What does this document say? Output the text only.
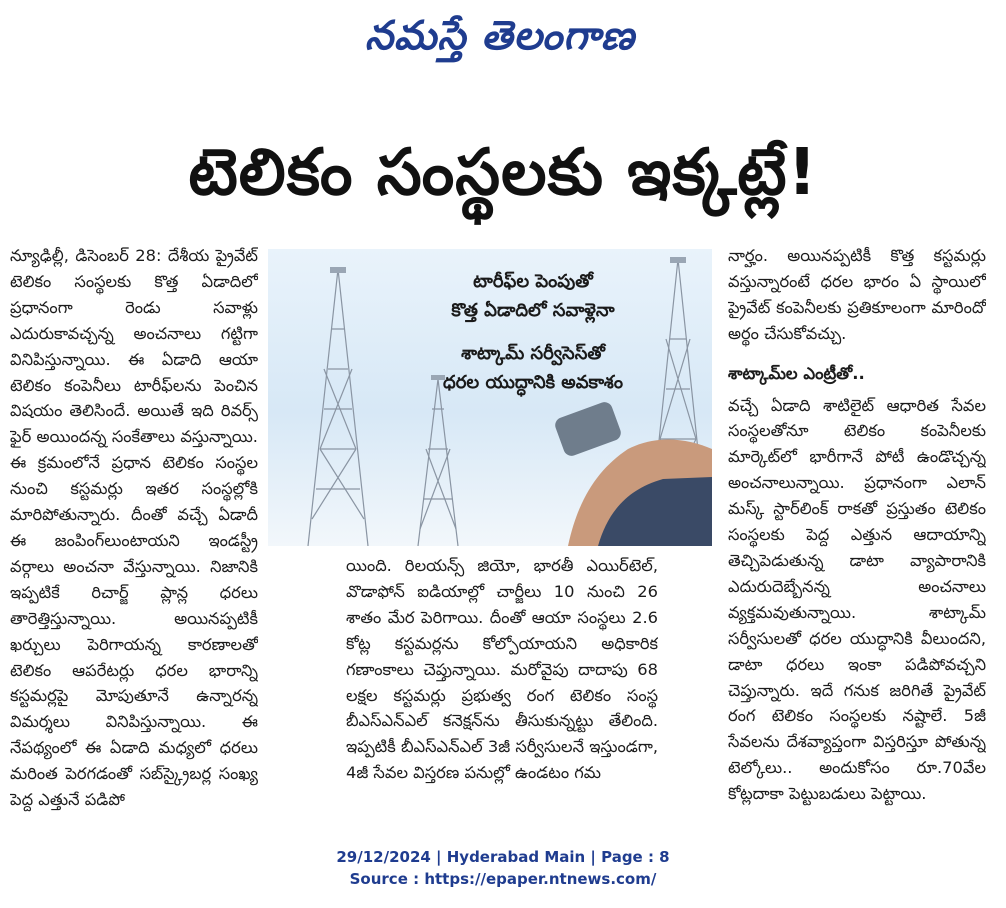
నమస్తే తెలంగాణ
టెలికం సంస్థలకు ఇక్కట్లే!

న్యూఢిల్లీ, డిసెంబర్ 28: దేశీయ ప్రైవేట్ టెలికం సంస్థలకు కొత్త ఏడాదిలో ప్రధానంగా రెండు సవాళ్లు ఎదురుకావచ్చన్న అంచనాలు గట్టిగా వినిపిస్తున్నాయి. ఈ ఏడాది ఆయా టెలికం కంపెనీలు టారీఫ్‌లను పెంచిన విషయం తెలిసిందే. అయితే ఇది రివర్స్ ఫైర్ అయిందన్న సంకేతాలు వస్తున్నాయి. ఈ క్రమంలోనే ప్రధాన టెలికం సంస్థల నుంచి కస్టమర్లు ఇతర సంస్థల్లోకి మారిపోతున్నారు. దీంతో వచ్చే ఏడాదీ ఈ జంపింగ్‌లుంటాయని ఇండస్ట్రీ వర్గాలు అంచనా వేస్తున్నాయి. నిజానికి ఇప్పటికే రిచార్జ్ ప్లాన్ల ధరలు తారెత్తిస్తున్నాయి. అయినప్పటికీ ఖర్చులు పెరిగాయన్న కారణాలతో టెలికం ఆపరేటర్లు ధరల భారాన్ని కస్టమర్లపై మోపుతూనే ఉన్నారన్న విమర్శలు వినిపిస్తున్నాయి. ఈ నేపథ్యంలో ఈ ఏడాది మధ్యలో ధరలు మరింత పెరగడంతో సబ్‌స్క్రైబర్ల సంఖ్య పెద్ద ఎత్తునే పడిపో

టారీఫ్‌ల పెంపుతో
కొత్త ఏడాదిలో సవాళ్లెనా
శాట్కామ్ సర్వీసెస్‌తో
ధరల యుద్ధానికి అవకాశం

యింది. రిలయన్స్ జియో, భారతీ ఎయిర్‌టెల్, వొడాఫోన్ ఐడియాల్లో చార్జీలు 10 నుంచి 26 శాతం మేర పెరిగాయి. దీంతో ఆయా సంస్థలు 2.6 కోట్ల కస్టమర్లను కోల్పోయాయని అధికారిక గణాంకాలు చెప్తున్నాయి. మరోవైపు దాదాపు 68 లక్షల కస్టమర్లు ప్రభుత్వ రంగ టెలికం సంస్థ బీఎస్ఎన్ఎల్ కనెక్షన్‌ను తీసుకున్నట్టు తేలింది. ఇప్పటికీ బీఎస్ఎన్ఎల్ 3జీ సర్వీసులనే ఇస్తుండగా, 4జీ సేవల విస్తరణ పనుల్లో ఉండటం గమ

నార్హం. అయినప్పటికీ కొత్త కస్టమర్లు వస్తున్నారంటే ధరల భారం ఏ స్థాయిలో ప్రైవేట్ కంపెనీలకు ప్రతికూలంగా మారిందో అర్థం చేసుకోవచ్చు.

శాట్కామ్‌ల ఎంట్రీతో..

వచ్చే ఏడాది శాటిలైట్ ఆధారిత సేవల సంస్థలతోనూ టెలికం కంపెనీలకు మార్కెట్‌లో భారీగానే పోటీ ఉండొచ్చన్న అంచనాలున్నాయి. ప్రధానంగా ఎలాన్ మస్క్ స్టార్‌లింక్ రాకతో ప్రస్తుతం టెలికం సంస్థలకు పెద్ద ఎత్తున ఆదాయాన్ని తెచ్చిపెడుతున్న డాటా వ్యాపారానికి ఎదురుదెబ్బేనన్న అంచనాలు వ్యక్తమవుతున్నాయి. శాట్కామ్ సర్వీసులతో ధరల యుద్ధానికి వీలుందని, డాటా ధరలు ఇంకా పడిపోవచ్చని చెప్తున్నారు. ఇదే గనుక జరిగితే ప్రైవేట్ రంగ టెలికం సంస్థలకు నష్టాలే. 5జీ సేవలను దేశవ్యాప్తంగా విస్తరిస్తూ పోతున్న టెల్కోలు.. అందుకోసం రూ.70వేల కోట్లదాకా పెట్టుబడులు పెట్టాయి.

29/12/2024 | Hyderabad Main | Page : 8
Source : https://epaper.ntnews.com/
